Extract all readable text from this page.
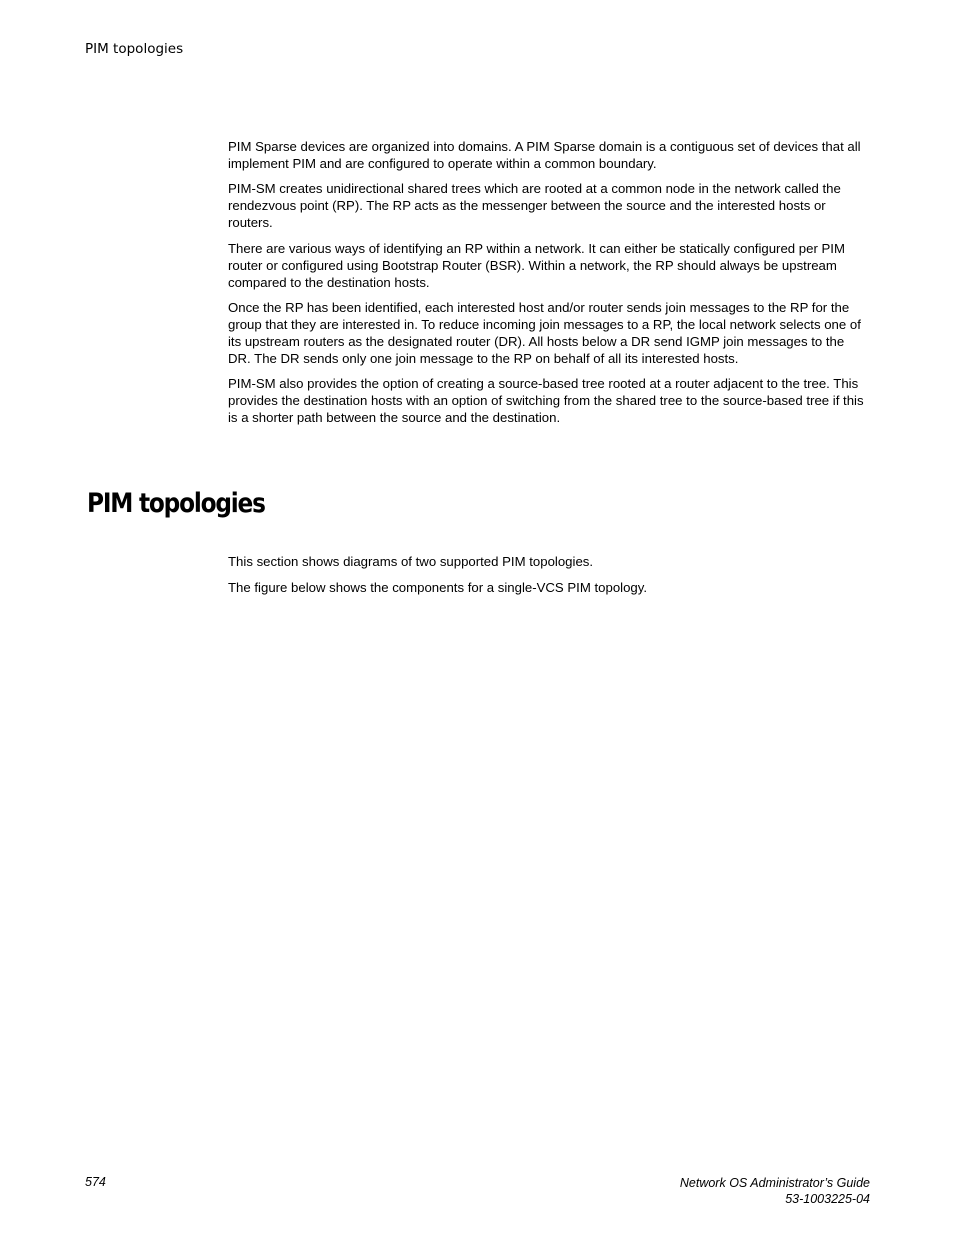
PIM topologies

PIM Sparse devices are organized into domains. A PIM Sparse domain is a contiguous set of devices that all implement PIM and are configured to operate within a common boundary.

PIM-SM creates unidirectional shared trees which are rooted at a common node in the network called the rendezvous point (RP). The RP acts as the messenger between the source and the interested hosts or routers.

There are various ways of identifying an RP within a network. It can either be statically configured per PIM router or configured using Bootstrap Router (BSR). Within a network, the RP should always be upstream compared to the destination hosts.

Once the RP has been identified, each interested host and/or router sends join messages to the RP for the group that they are interested in. To reduce incoming join messages to a RP, the local network selects one of its upstream routers as the designated router (DR). All hosts below a DR send IGMP join messages to the DR. The DR sends only one join message to the RP on behalf of all its interested hosts.

PIM-SM also provides the option of creating a source-based tree rooted at a router adjacent to the tree. This provides the destination hosts with an option of switching from the shared tree to the source-based tree if this is a shorter path between the source and the destination.

PIM topologies

This section shows diagrams of two supported PIM topologies.

The figure below shows the components for a single-VCS PIM topology.

574	Network OS Administrator’s Guide
53-1003225-04
